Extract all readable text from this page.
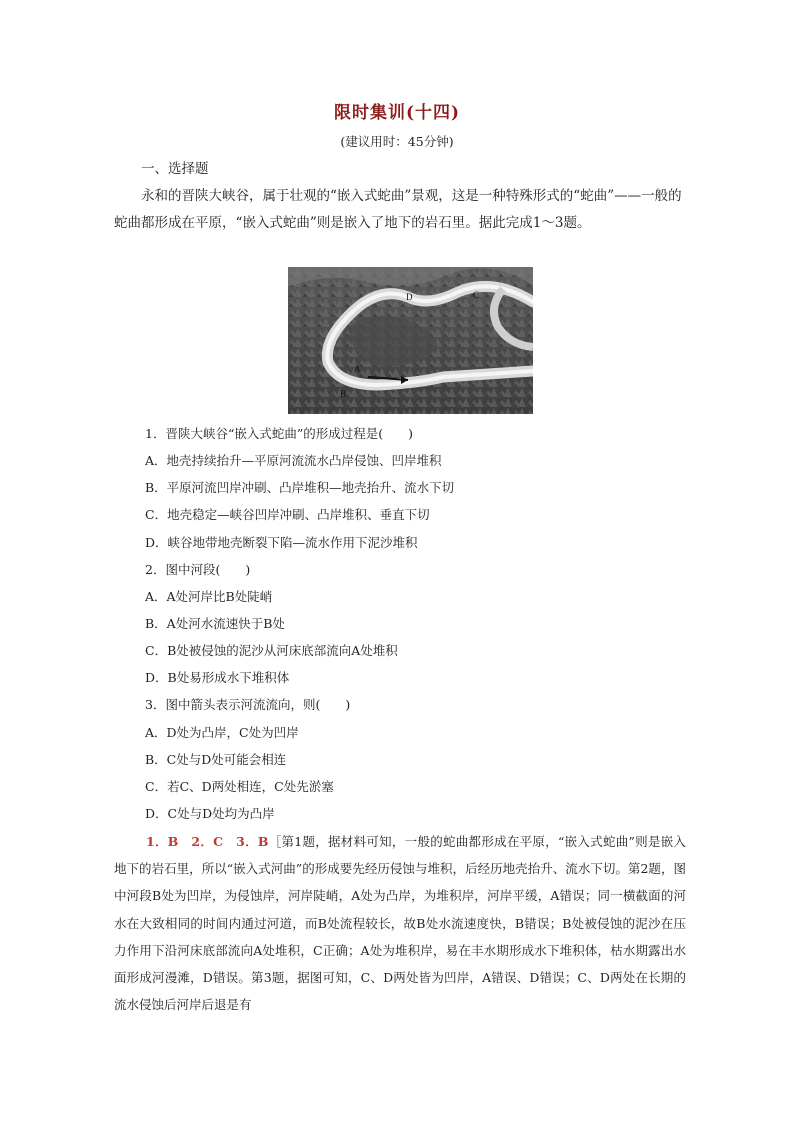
限时集训(十四)
(建议用时：45分钟)
一、选择题
永和的晋陕大峡谷，属于壮观的“嵌入式蛇曲”景观，这是一种特殊形式的“蛇曲”——一般的蛇曲都形成在平原，“嵌入式蛇曲”则是嵌入了地下的岩石里。据此完成1～3题。
D	C
A
B
1．晋陕大峡谷“嵌入式蛇曲”的形成过程是(　　)
A．地壳持续抬升—平原河流流水凸岸侵蚀、凹岸堆积
B．平原河流凹岸冲刷、凸岸堆积—地壳抬升、流水下切
C．地壳稳定—峡谷凹岸冲刷、凸岸堆积、垂直下切
D．峡谷地带地壳断裂下陷—流水作用下泥沙堆积
2．图中河段(　　)
A．A处河岸比B处陡峭
B．A处河水流速快于B处
C．B处被侵蚀的泥沙从河床底部流向A处堆积
D．B处易形成水下堆积体
3．图中箭头表示河流流向，则(　　)
A．D处为凸岸，C处为凹岸
B．C处与D处可能会相连
C．若C、D两处相连，C处先淤塞
D．C处与D处均为凸岸
1．B　2．C　3．B［第1题，据材料可知，一般的蛇曲都形成在平原，“嵌入式蛇曲”则是嵌入地下的岩石里，所以“嵌入式河曲”的形成要先经历侵蚀与堆积，后经历地壳抬升、流水下切。第2题，图中河段B处为凹岸，为侵蚀岸，河岸陡峭，A处为凸岸，为堆积岸，河岸平缓，A错误；同一横截面的河水在大致相同的时间内通过河道，而B处流程较长，故B处水流速度快，B错误；B处被侵蚀的泥沙在压力作用下沿河床底部流向A处堆积，C正确；A处为堆积岸，易在丰水期形成水下堆积体，枯水期露出水面形成河漫滩，D错误。第3题，据图可知，C、D两处皆为凹岸，A错误、D错误；C、D两处在长期的流水侵蚀后河岸后退是有
